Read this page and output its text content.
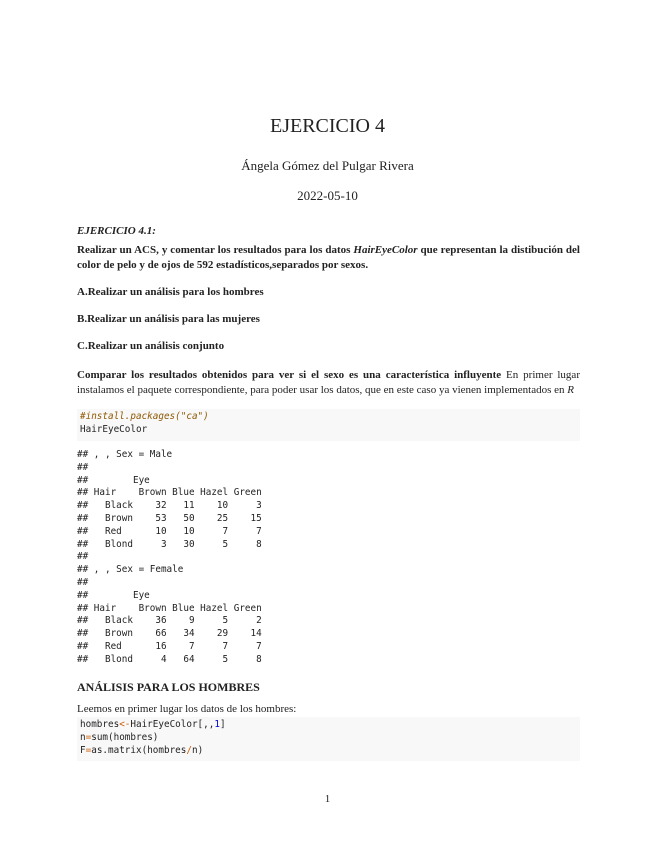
EJERCICIO 4
Ángela Gómez del Pulgar Rivera
2022-05-10
EJERCICIO 4.1:
Realizar un ACS, y comentar los resultados para los datos HairEyeColor que representan la distibución del color de pelo y de ojos de 592 estadísticos,separados por sexos.
A.Realizar un análisis para los hombres
B.Realizar un análisis para las mujeres
C.Realizar un análisis conjunto
Comparar los resultados obtenidos para ver si el sexo es una característica influyente En primer lugar instalamos el paquete correspondiente, para poder usar los datos, que en este caso ya vienen implementados en R
#install.packages("ca")
HairEyeColor
## , , Sex = Male
##
##        Eye
## Hair    Brown Blue Hazel Green
##   Black    32   11    10     3
##   Brown    53   50    25    15
##   Red      10   10     7     7
##   Blond     3   30     5     8
##
## , , Sex = Female
##
##        Eye
## Hair    Brown Blue Hazel Green
##   Black    36    9     5     2
##   Brown    66   34    29    14
##   Red      16    7     7     7
##   Blond     4   64     5     8
ANÁLISIS PARA LOS HOMBRES
Leemos en primer lugar los datos de los hombres:
hombres<-HairEyeColor[,,1]
n=sum(hombres)
F=as.matrix(hombres/n)
1
